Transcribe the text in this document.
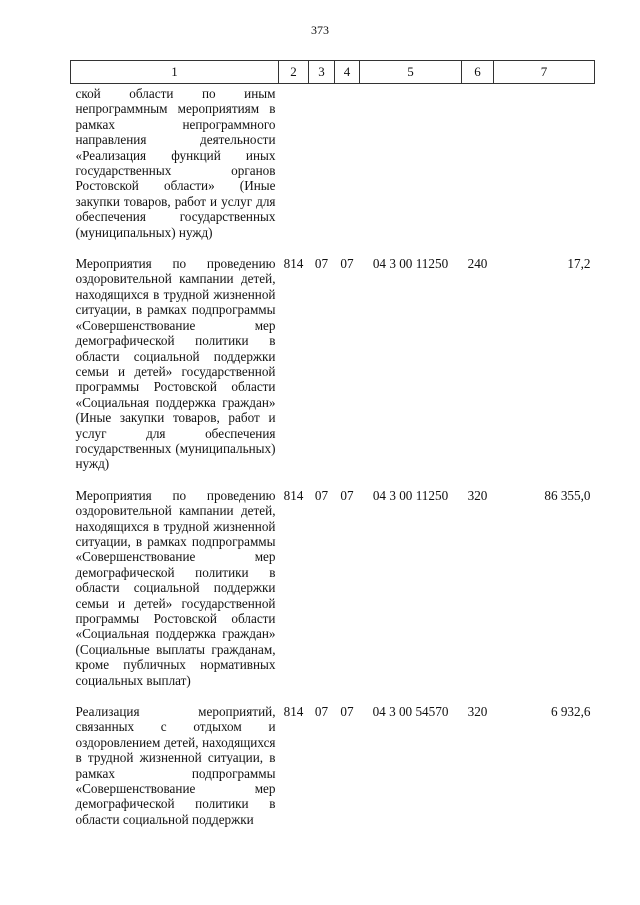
373
1	2	3	4	5	6	7
ской области по иным непрограммным мероприятиям в рамках непрограммного направления деятельности «Реализация функций иных государственных органов Ростовской области» (Иные закупки товаров, работ и услуг для обеспечения государственных (муниципальных) нужд)						
Мероприятия по проведению оздоровительной кампании детей, находящихся в трудной жизненной ситуации, в рамках подпрограммы «Совершенствование мер демографической политики в области социальной поддержки семьи и детей» государственной программы Ростовской области «Социальная поддержка граждан» (Иные закупки товаров, работ и услуг для обеспечения государственных (муниципальных) нужд)	814	07	07	04 3 00 11250	240	17,2
Мероприятия по проведению оздоровительной кампании детей, находящихся в трудной жизненной ситуации, в рамках подпрограммы «Совершенствование мер демографической политики в области социальной поддержки семьи и детей» государственной программы Ростовской области «Социальная поддержка граждан» (Социальные выплаты гражданам, кроме публичных нормативных социальных выплат)	814	07	07	04 3 00 11250	320	86 355,0
Реализация мероприятий, связанных с отдыхом и оздоровлением детей, находящихся в трудной жизненной ситуации, в рамках подпрограммы «Совершенствование мер демографической политики в области социальной поддержки	814	07	07	04 3 00 54570	320	6 932,6
